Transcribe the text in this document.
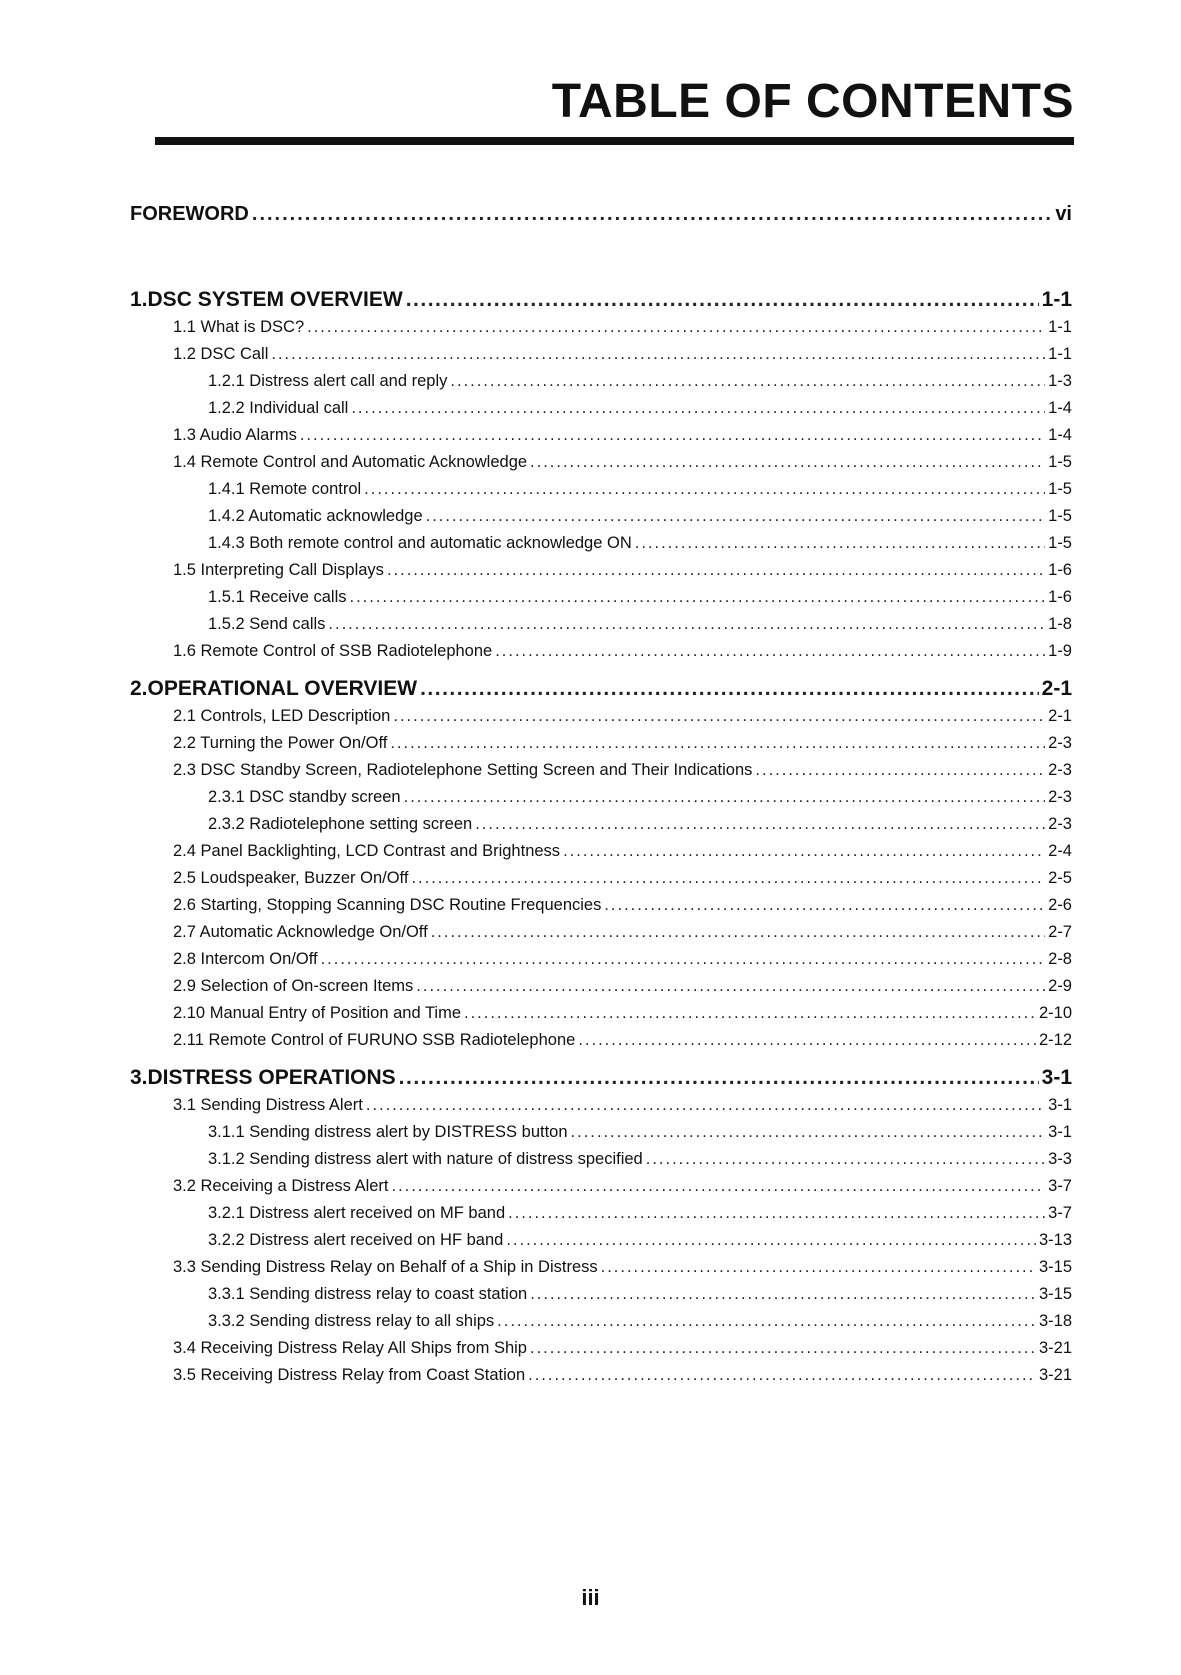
TABLE OF CONTENTS
FOREWORD .....	vi
1. DSC SYSTEM OVERVIEW .....	1-1
1.1 What is DSC? .....	1-1
1.2 DSC Call .....	1-1
1.2.1 Distress alert call and reply .....	1-3
1.2.2 Individual call .....	1-4
1.3 Audio Alarms .....	1-4
1.4 Remote Control and Automatic Acknowledge .....	1-5
1.4.1 Remote control .....	1-5
1.4.2 Automatic acknowledge .....	1-5
1.4.3 Both remote control and automatic acknowledge ON .....	1-5
1.5 Interpreting Call Displays .....	1-6
1.5.1 Receive calls .....	1-6
1.5.2 Send calls .....	1-8
1.6 Remote Control of SSB Radiotelephone .....	1-9
2. OPERATIONAL OVERVIEW .....	2-1
2.1 Controls, LED Description .....	2-1
2.2 Turning the Power On/Off .....	2-3
2.3 DSC Standby Screen, Radiotelephone Setting Screen and Their Indications .....	2-3
2.3.1 DSC standby screen .....	2-3
2.3.2 Radiotelephone setting screen .....	2-3
2.4 Panel Backlighting, LCD Contrast and Brightness .....	2-4
2.5 Loudspeaker, Buzzer On/Off .....	2-5
2.6 Starting, Stopping Scanning DSC Routine Frequencies .....	2-6
2.7 Automatic Acknowledge On/Off .....	2-7
2.8 Intercom On/Off .....	2-8
2.9 Selection of On-screen Items .....	2-9
2.10 Manual Entry of Position and Time .....	2-10
2.11 Remote Control of FURUNO SSB Radiotelephone .....	2-12
3. DISTRESS OPERATIONS .....	3-1
3.1 Sending Distress Alert .....	3-1
3.1.1 Sending distress alert by DISTRESS button .....	3-1
3.1.2 Sending distress alert with nature of distress specified .....	3-3
3.2 Receiving a Distress Alert .....	3-7
3.2.1 Distress alert received on MF band .....	3-7
3.2.2 Distress alert received on HF band .....	3-13
3.3 Sending Distress Relay on Behalf of a Ship in Distress .....	3-15
3.3.1 Sending distress relay to coast station .....	3-15
3.3.2 Sending distress relay to all ships .....	3-18
3.4 Receiving Distress Relay All Ships from Ship .....	3-21
3.5 Receiving Distress Relay from Coast Station .....	3-21
iii
